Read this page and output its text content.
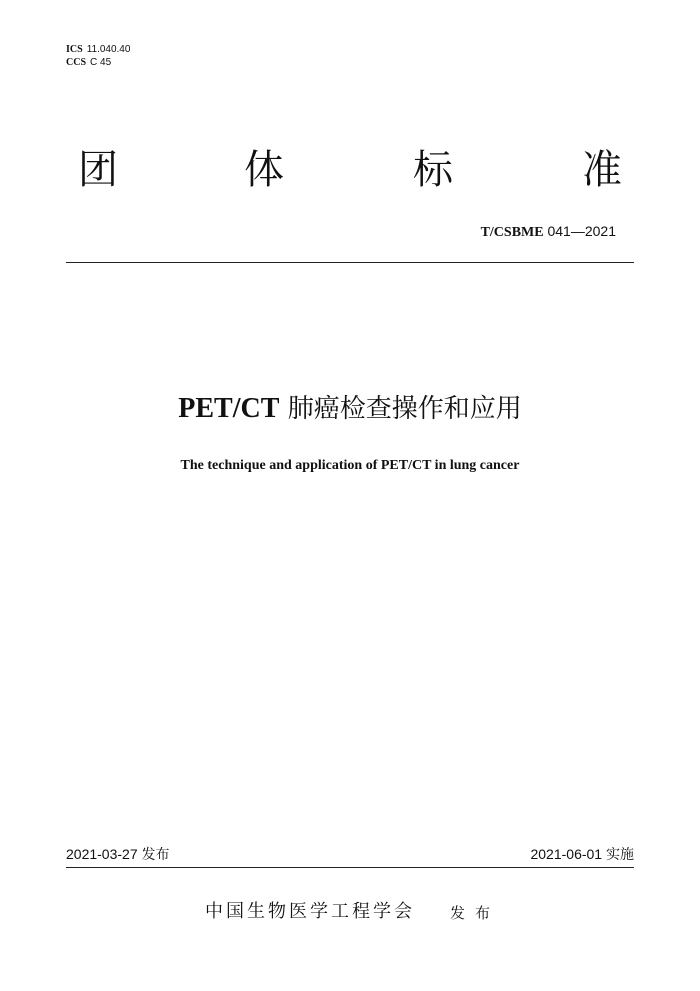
ICS 11.040.40
CCS C 45
团	体	标	准
T/CSBME 041—2021
PET/CT 肺癌检查操作和应用
The technique and application of PET/CT in lung cancer
2021-03-27 发布	2021-06-01 实施
中国生物医学工程学会 发布
